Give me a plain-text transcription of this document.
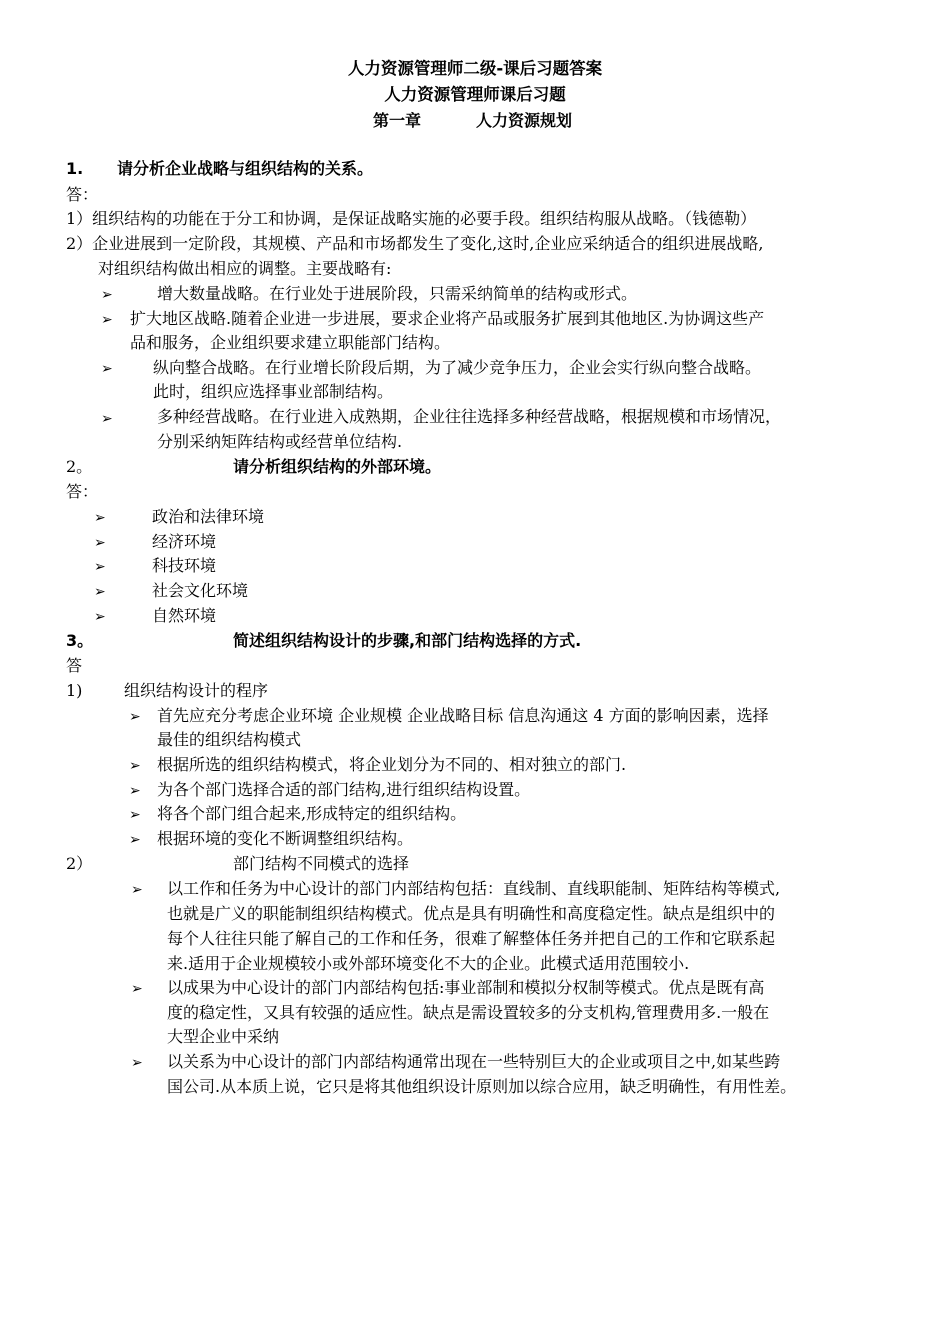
人力资源管理师二级-课后习题答案
人力资源管理师课后习题
第一章	人力资源规划
1. 请分析企业战略与组织结构的关系。
答：
1）组织结构的功能在于分工和协调，是保证战略实施的必要手段。组织结构服从战略。（钱德勒）
2）企业进展到一定阶段，其规模、产品和市场都发生了变化,这时,企业应采纳适合的组织进展战略,
对组织结构做出相应的调整。主要战略有:
➢	增大数量战略。在行业处于进展阶段，只需采纳简单的结构或形式。
➢ 扩大地区战略.随着企业进一步进展，要求企业将产品或服务扩展到其他地区.为协调这些产
品和服务，企业组织要求建立职能部门结构。
➢	纵向整合战略。在行业增长阶段后期，为了减少竞争压力，企业会实行纵向整合战略。
此时，组织应选择事业部制结构。
➢	多种经营战略。在行业进入成熟期，企业往往选择多种经营战略，根据规模和市场情况，
分别采纳矩阵结构或经营单位结构.
2。	请分析组织结构的外部环境。
答：
➢	政治和法律环境
➢	经济环境
➢	科技环境
➢	社会文化环境
➢	自然环境
3。	简述组织结构设计的步骤,和部门结构选择的方式.
答
1)	组织结构设计的程序
➢ 首先应充分考虑企业环境 企业规模 企业战略目标 信息沟通这 4 方面的影响因素，选择
最佳的组织结构模式
➢ 根据所选的组织结构模式，将企业划分为不同的、相对独立的部门.
➢ 为各个部门选择合适的部门结构,进行组织结构设置。
➢ 将各个部门组合起来,形成特定的组织结构。
➢ 根据环境的变化不断调整组织结构。
2）	部门结构不同模式的选择
➢ 以工作和任务为中心设计的部门内部结构包括：直线制、直线职能制、矩阵结构等模式,
也就是广义的职能制组织结构模式。优点是具有明确性和高度稳定性。缺点是组织中的
每个人往往只能了解自己的工作和任务，很难了解整体任务并把自己的工作和它联系起
来.适用于企业规模较小或外部环境变化不大的企业。此模式适用范围较小.
➢ 以成果为中心设计的部门内部结构包括:事业部制和模拟分权制等模式。优点是既有高
度的稳定性，又具有较强的适应性。缺点是需设置较多的分支机构,管理费用多.一般在
大型企业中采纳
➢ 以关系为中心设计的部门内部结构通常出现在一些特别巨大的企业或项目之中,如某些跨
国公司.从本质上说，它只是将其他组织设计原则加以综合应用，缺乏明确性，有用性差。
